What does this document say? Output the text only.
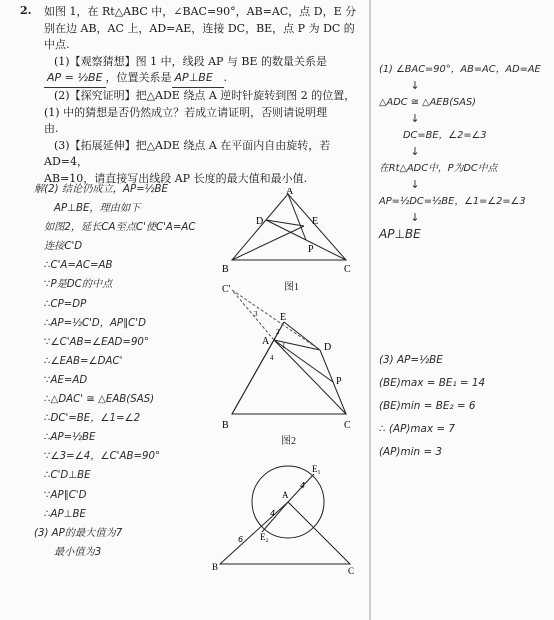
2. 如图 1，在 Rt△ABC 中，∠BAC=90°，AB=AC，点 D，E 分

别在边 AB，AC 上，AD=AE，连接 DC，BE，点 P 为 DC 的

中点.

(1)【观察猜想】图 1 中，线段 AP 与 BE 的数量关系是

AP = ½BE ，位置关系是 AP⊥BE .

(2)【探究证明】把△ADE 绕点 A 逆时针旋转到图 2 的位置，

(1) 中的猜想是否仍然成立？若成立请证明，否则请说明理

由.

(3)【拓展延伸】把△ADE 绕点 A 在平面内自由旋转，若 AD=4，

AB=10，请直接写出线段 AP 长度的最大值和最小值.

解(2) 结论仍成立，AP=½BE
AP⊥BE，理由如下
如图2，延长CA至点C'使C'A=AC
连接C'D
∴C'A=AC=AB
∵P是DC的中点
∴CP=DP
∴AP=½C'D，AP∥C'D
∵∠C'AB=∠EAD=90°
∴∠EAB=∠DAC'
∵AE=AD
∴△DAC' ≅ △EAB(SAS)
∴DC'=BE，∠1=∠2
∴AP=½BE
∵∠3=∠4，∠C'AB=90°
∴C'D⊥BE
∵AP∥C'D
∴AP⊥BE
(3) AP的最大值为7
最小值为3
(1) ∠BAC=90°，AB=AC，AD=AE
↓
△ADC ≅ △AEB(SAS)
↓
DC=BE，∠2=∠3
↓
在Rt△ADC中，P为DC中点
↓
AP=½DC=½BE，∠1=∠2=∠3
↓
AP⊥BE
(3) AP=½BE
(BE)max = BE₁ = 14
(BE)min = BE₂ = 6
∴ (AP)max = 7
(AP)min = 3
A
B	C
D	E
P
图1
C'
E
A
D
P
B	C
1
2
3
4
图2
A
E₁
E₂
B	C
4
4
6
